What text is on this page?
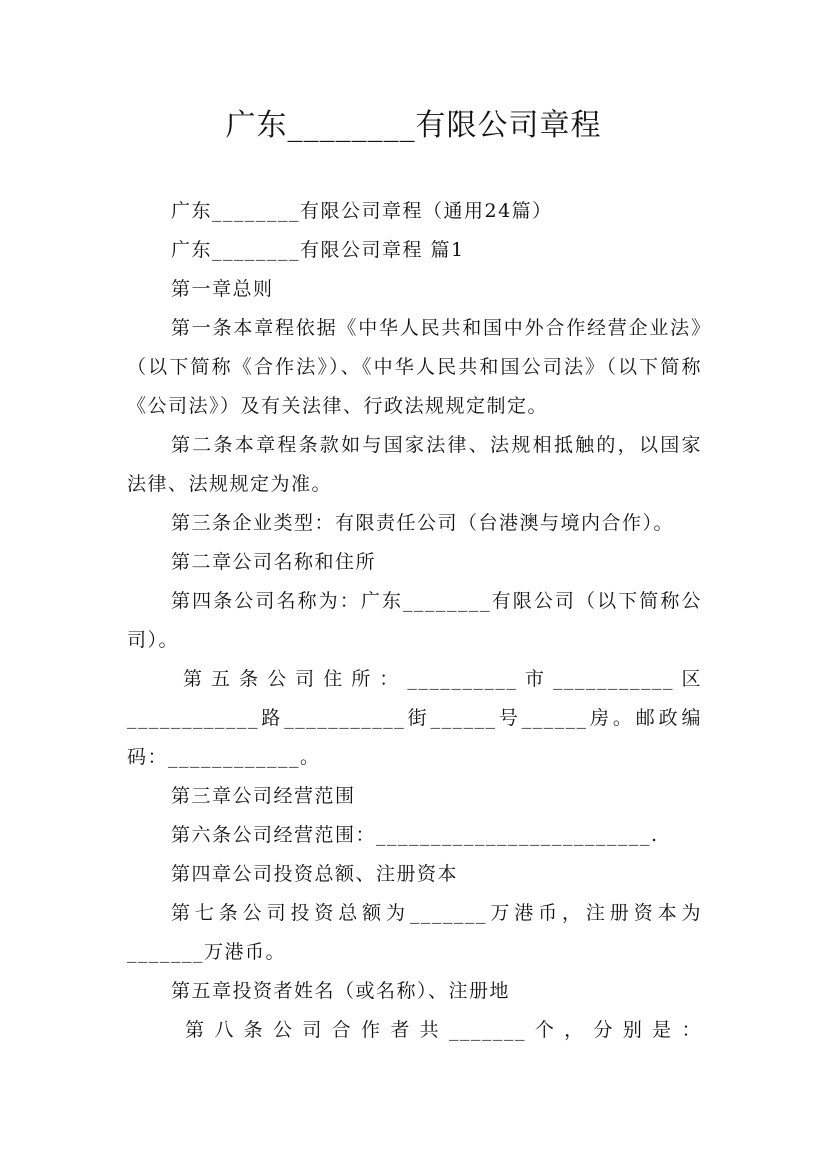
广东________有限公司章程
广东________有限公司章程（通用24篇）
广东________有限公司章程 篇1
第一章总则
第一条本章程依据《中华人民共和国中外合作经营企业法》（以下简称《合作法》）、《中华人民共和国公司法》（以下简称《公司法》）及有关法律、行政法规规定制定。
第二条本章程条款如与国家法律、法规相抵触的，以国家法律、法规规定为准。
第三条企业类型：有限责任公司（台港澳与境内合作）。
第二章公司名称和住所
第四条公司名称为：广东________有限公司（以下简称公司）。
第五条公司住所：__________市___________区
____________路___________街______号______房。邮政编
码：____________。
第三章公司经营范围
第六条公司经营范围：_________________________.
第四章公司投资总额、注册资本
第七条公司投资总额为_______万港币，注册资本为_______万港币。
第五章投资者姓名（或名称）、注册地
第八条公司合作者共_______个，分别是：
